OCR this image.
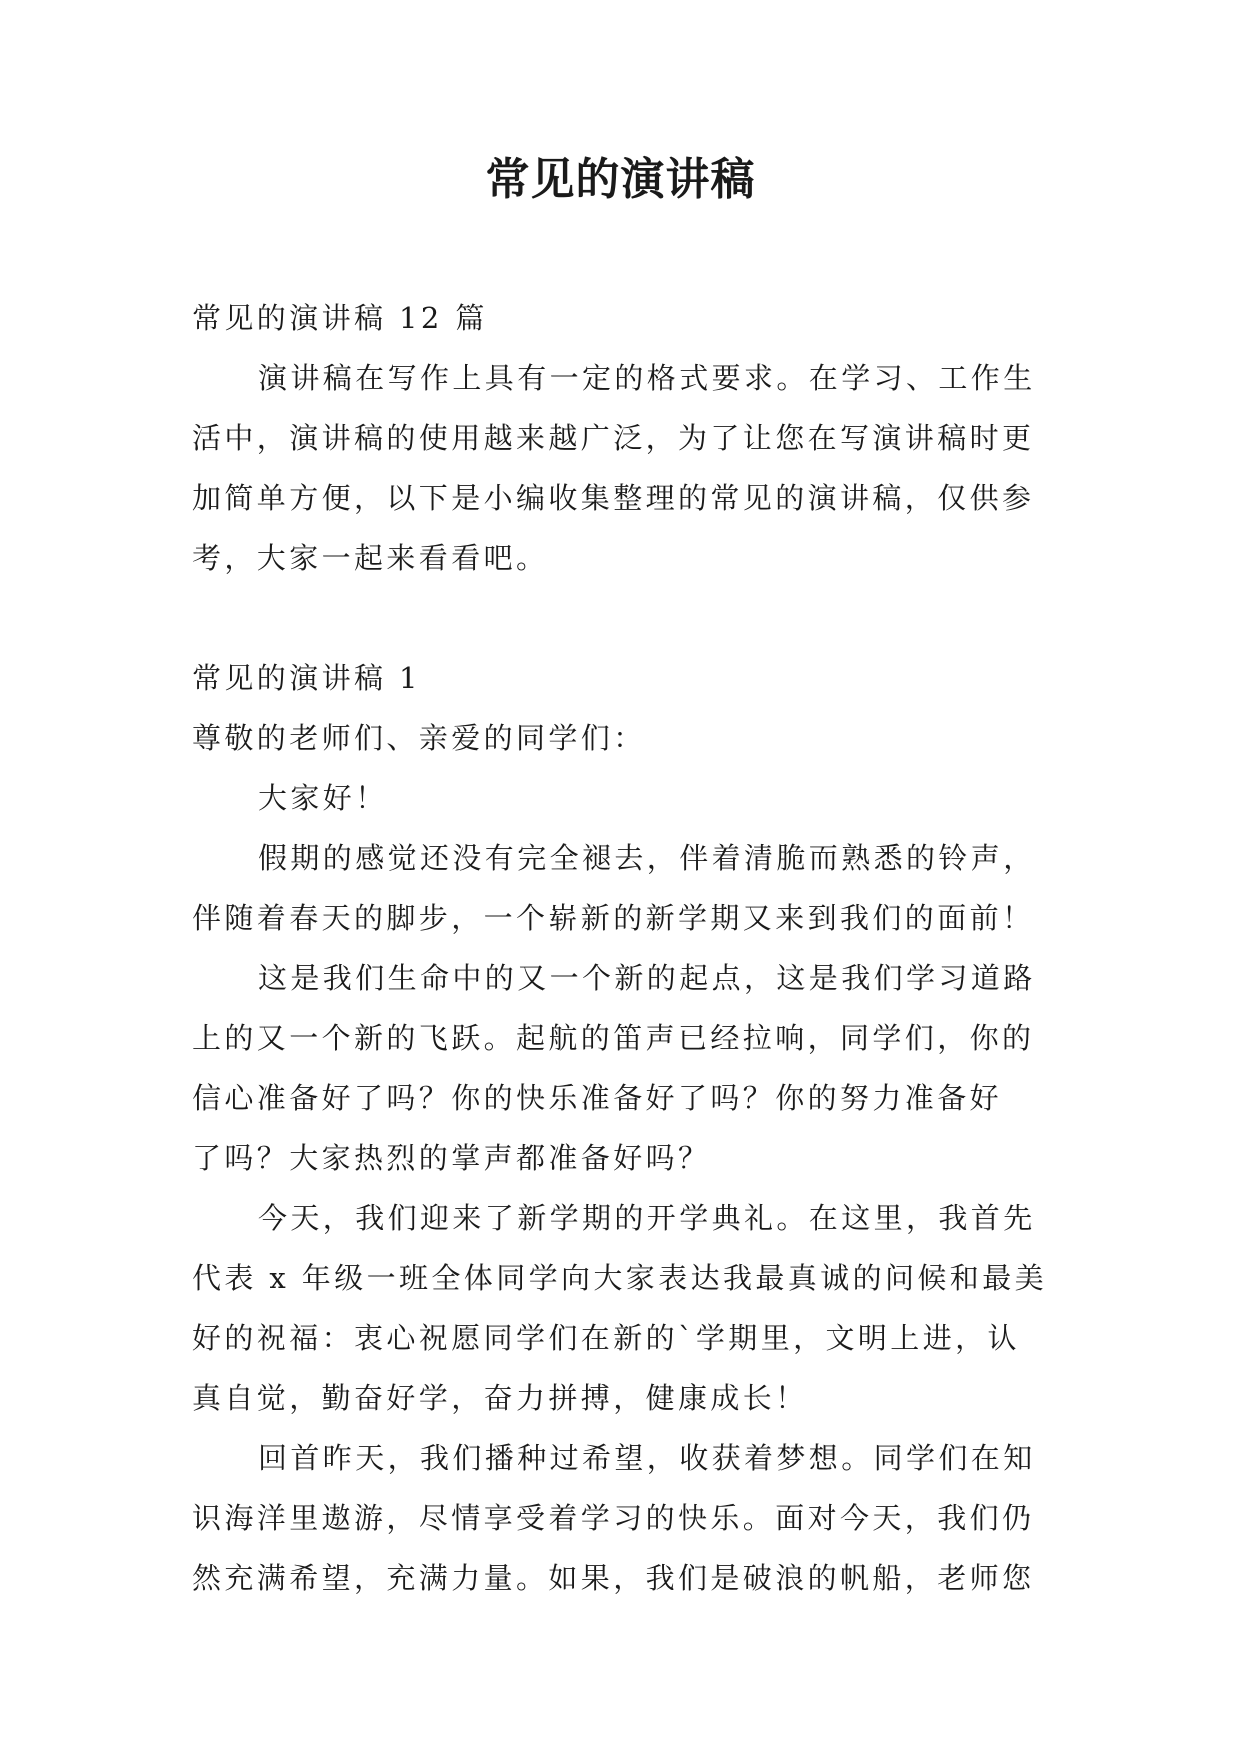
常见的演讲稿

常见的演讲稿 12 篇

演讲稿在写作上具有一定的格式要求。在学习、工作生

活中，演讲稿的使用越来越广泛，为了让您在写演讲稿时更

加简单方便，以下是小编收集整理的常见的演讲稿，仅供参

考，大家一起来看看吧。

常见的演讲稿 1

尊敬的老师们、亲爱的同学们：

大家好！

假期的感觉还没有完全褪去，伴着清脆而熟悉的铃声，

伴随着春天的脚步，一个崭新的新学期又来到我们的面前！

这是我们生命中的又一个新的起点，这是我们学习道路

上的又一个新的飞跃。起航的笛声已经拉响，同学们，你的

信心准备好了吗？你的快乐准备好了吗？你的努力准备好

了吗？大家热烈的掌声都准备好吗？

今天，我们迎来了新学期的开学典礼。在这里，我首先

代表 x 年级一班全体同学向大家表达我最真诚的问候和最美

好的祝福：衷心祝愿同学们在新的`学期里，文明上进，认

真自觉，勤奋好学，奋力拼搏，健康成长！

回首昨天，我们播种过希望，收获着梦想。同学们在知

识海洋里遨游，尽情享受着学习的快乐。面对今天，我们仍

然充满希望，充满力量。如果，我们是破浪的帆船，老师您
